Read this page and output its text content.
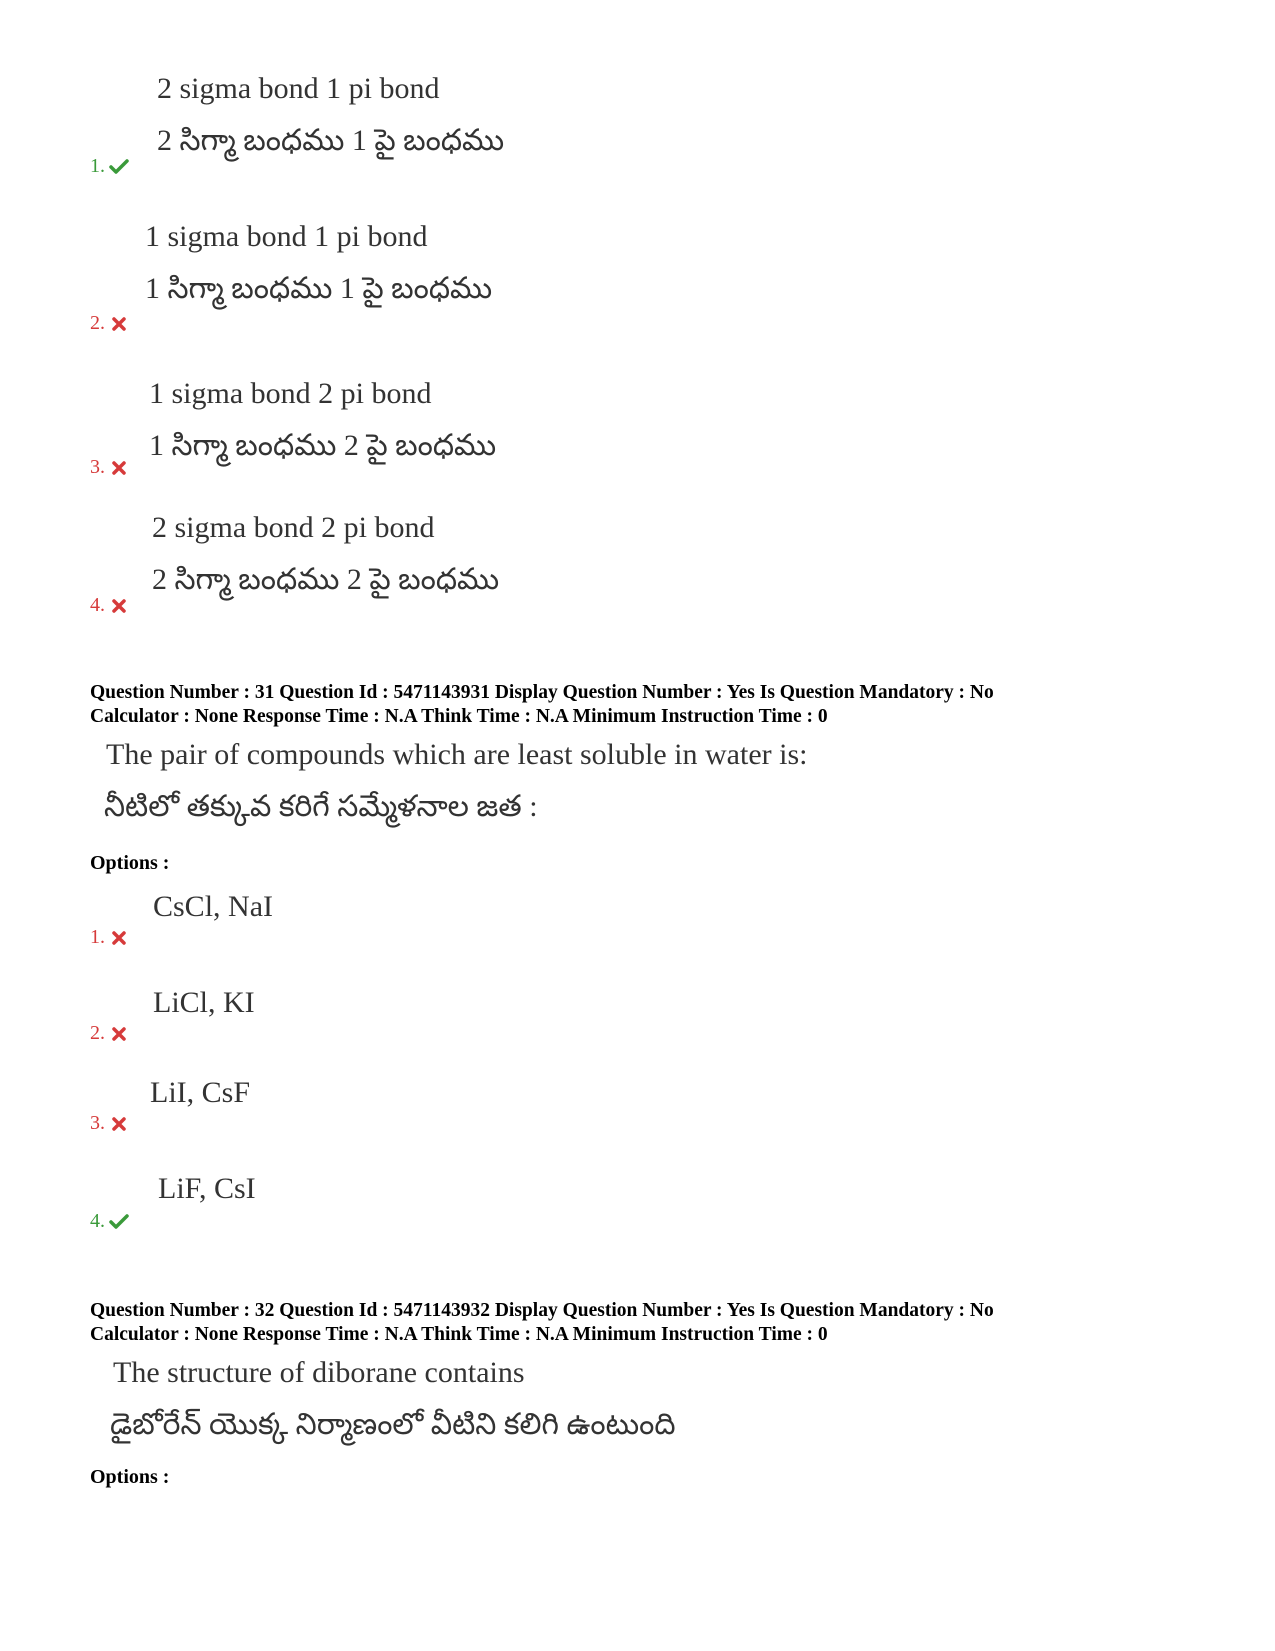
2 sigma bond 1 pi bond
2 సిగ్మా బంధము 1 పై బంధము
1.
1 sigma bond 1 pi bond
1 సిగ్మా బంధము 1 పై బంధము
2.
1 sigma bond 2 pi bond
1 సిగ్మా బంధము 2 పై బంధము
3.
2 sigma bond 2 pi bond
2 సిగ్మా బంధము 2 పై బంధము
4.
Question Number : 31 Question Id : 5471143931 Display Question Number : Yes Is Question Mandatory : No
Calculator : None Response Time : N.A Think Time : N.A Minimum Instruction Time : 0
The pair of compounds which are least soluble in water is:
నీటిలో తక్కువ కరిగే సమ్మేళనాల జత :
Options :
CsCl, NaI
1.
LiCl, KI
2.
LiI, CsF
3.
LiF, CsI
4.
Question Number : 32 Question Id : 5471143932 Display Question Number : Yes Is Question Mandatory : No
Calculator : None Response Time : N.A Think Time : N.A Minimum Instruction Time : 0
The structure of diborane contains
డైబోరేన్ యొక్క నిర్మాణంలో వీటిని కలిగి ఉంటుంది
Options :
